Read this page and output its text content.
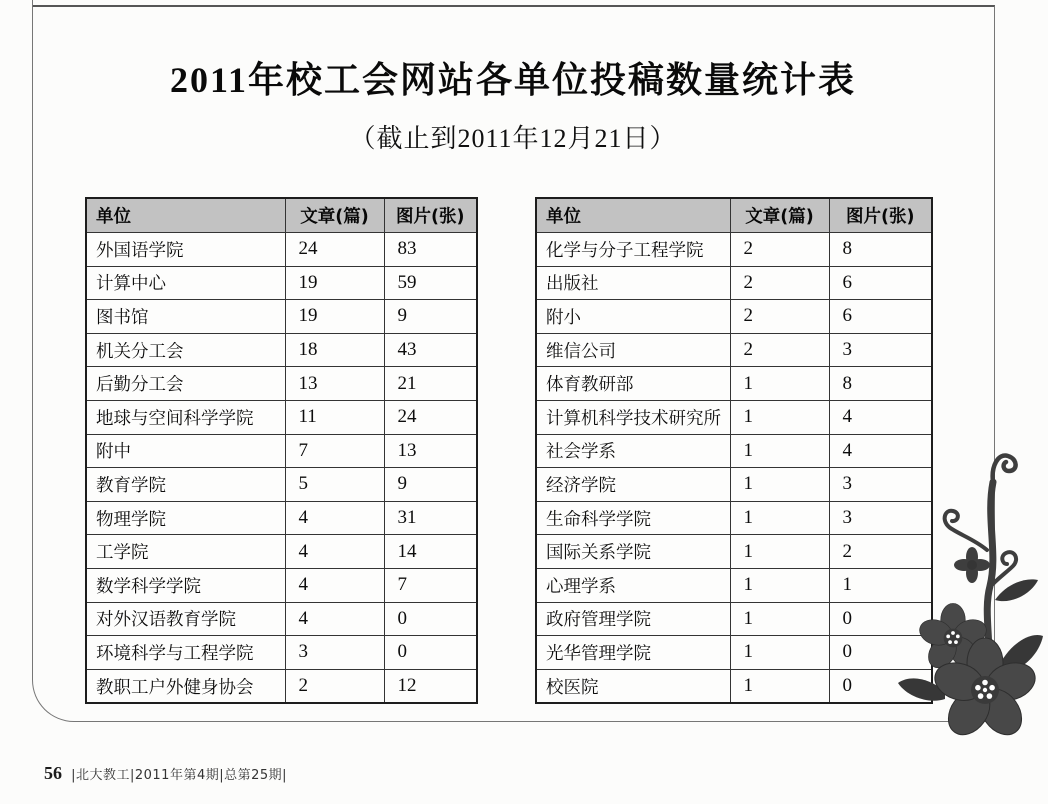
2011年校工会网站各单位投稿数量统计表
（截止到2011年12月21日）
单位	文章(篇)	图片(张)
外国语学院	24	83
计算中心	19	59
图书馆	19	9
机关分工会	18	43
后勤分工会	13	21
地球与空间科学学院	11	24
附中	7	13
教育学院	5	9
物理学院	4	31
工学院	4	14
数学科学学院	4	7
对外汉语教育学院	4	0
环境科学与工程学院	3	0
教职工户外健身协会	2	12
单位	文章(篇)	图片(张)
化学与分子工程学院	2	8
出版社	2	6
附小	2	6
维信公司	2	3
体育教研部	1	8
计算机科学技术研究所	1	4
社会学系	1	4
经济学院	1	3
生命科学学院	1	3
国际关系学院	1	2
心理学系	1	1
政府管理学院	1	0
光华管理学院	1	0
校医院	1	0
56 |北大教工|2011年第4期|总第25期|
